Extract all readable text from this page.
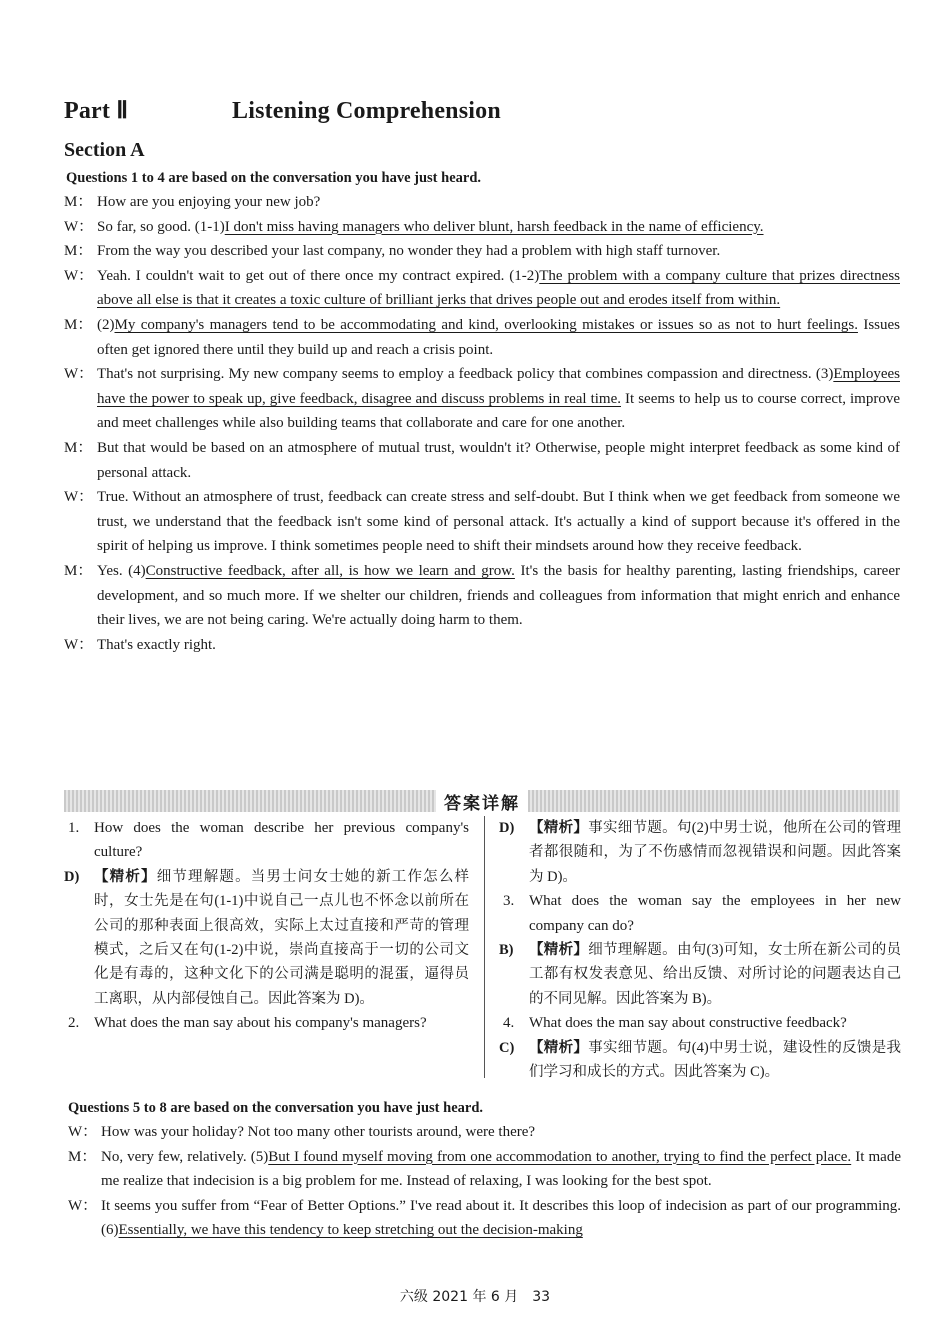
Part Ⅱ	Listening Comprehension
Section A
Questions 1 to 4 are based on the conversation you have just heard.
M： How are you enjoying your new job?
W： So far, so good. (1-1)I don't miss having managers who deliver blunt, harsh feedback in the name of efficiency.
M： From the way you described your last company, no wonder they had a problem with high staff turnover.
W： Yeah. I couldn't wait to get out of there once my contract expired. (1-2)The problem with a company culture that prizes directness above all else is that it creates a toxic culture of brilliant jerks that drives people out and erodes itself from within.
M： (2)My company's managers tend to be accommodating and kind, overlooking mistakes or issues so as not to hurt feelings. Issues often get ignored there until they build up and reach a crisis point.
W： That's not surprising. My new company seems to employ a feedback policy that combines compassion and directness. (3)Employees have the power to speak up, give feedback, disagree and discuss problems in real time. It seems to help us to course correct, improve and meet challenges while also building teams that collaborate and care for one another.
M： But that would be based on an atmosphere of mutual trust, wouldn't it? Otherwise, people might interpret feedback as some kind of personal attack.
W： True. Without an atmosphere of trust, feedback can create stress and self-doubt. But I think when we get feedback from someone we trust, we understand that the feedback isn't some kind of personal attack. It's actually a kind of support because it's offered in the spirit of helping us improve. I think sometimes people need to shift their mindsets around how they receive feedback.
M： Yes. (4)Constructive feedback, after all, is how we learn and grow. It's the basis for healthy parenting, lasting friendships, career development, and so much more. If we shelter our children, friends and colleagues from information that might enrich and enhance their lives, we are not being caring. We're actually doing harm to them.
W： That's exactly right.
答案详解
1. How does the woman describe her previous company's culture?
D) 【精析】细节理解题。当男士问女士她的新工作怎么样时，女士先是在句(1-1)中说自己一点儿也不怀念以前所在公司的那种表面上很高效，实际上太过直接和严苛的管理模式，之后又在句(1-2)中说，崇尚直接高于一切的公司文化是有毒的，这种文化下的公司满是聪明的混蛋，逼得员工离职，从内部侵蚀自己。因此答案为 D)。
2. What does the man say about his company's managers?
D) 【精析】事实细节题。句(2)中男士说，他所在公司的管理者都很随和，为了不伤感情而忽视错误和问题。因此答案为 D)。
3. What does the woman say the employees in her new company can do?
B) 【精析】细节理解题。由句(3)可知，女士所在新公司的员工都有权发表意见、给出反馈、对所讨论的问题表达自己的不同见解。因此答案为 B)。
4. What does the man say about constructive feedback?
C) 【精析】事实细节题。句(4)中男士说，建设性的反馈是我们学习和成长的方式。因此答案为 C)。
Questions 5 to 8 are based on the conversation you have just heard.
W： How was your holiday? Not too many other tourists around, were there?
M： No, very few, relatively. (5)But I found myself moving from one accommodation to another, trying to find the perfect place. It made me realize that indecision is a big problem for me. Instead of relaxing, I was looking for the best spot.
W： It seems you suffer from “Fear of Better Options.” I've read about it. It describes this loop of indecision as part of our programming. (6)Essentially, we have this tendency to keep stretching out the decision-making
六级 2021 年 6 月　33
